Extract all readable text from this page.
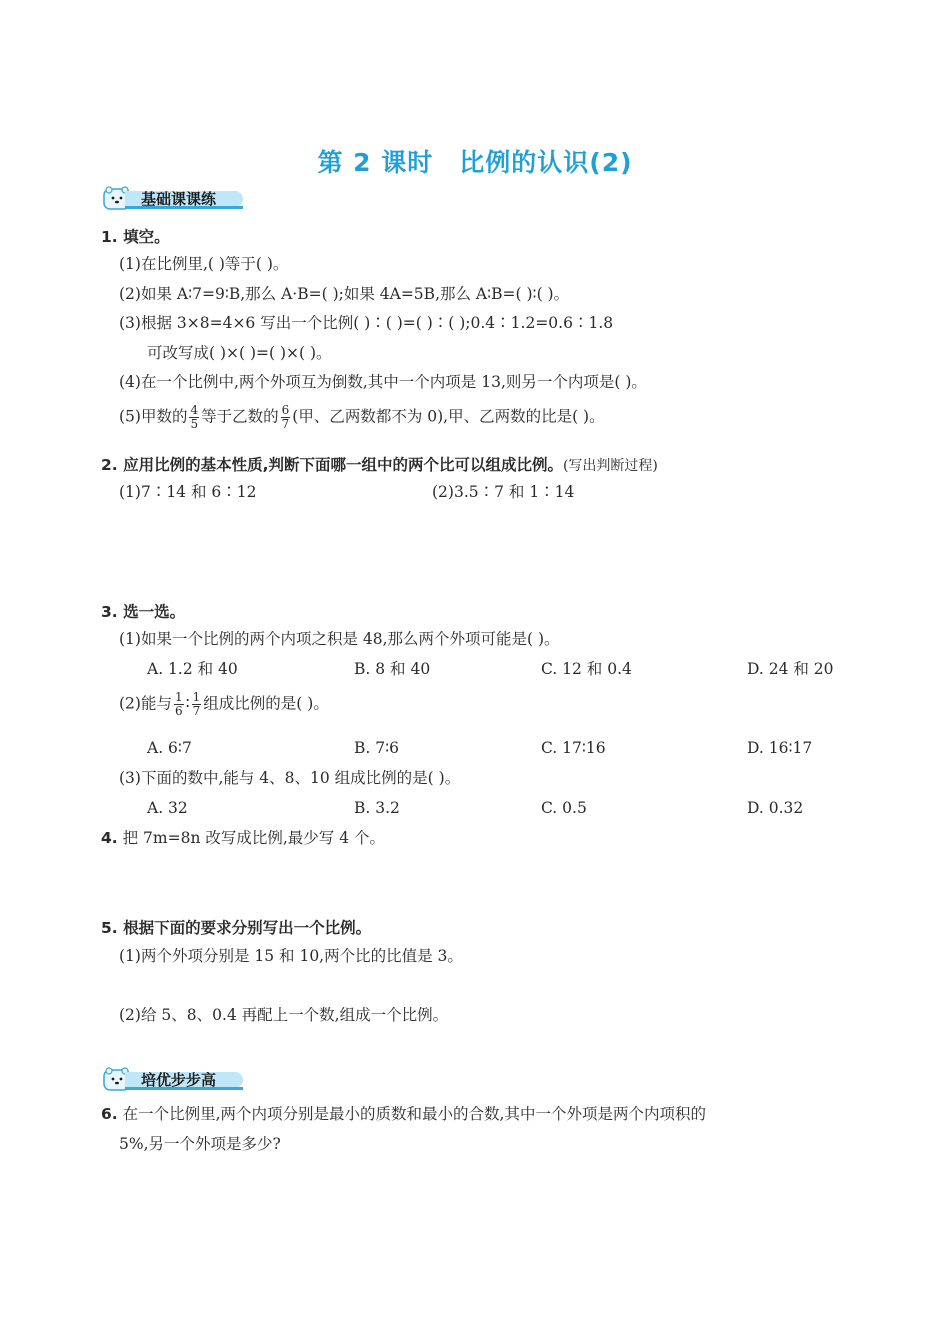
第 2 课时 比例的认识(2)
基础课课练
1. 填空。
(1)在比例里,( )等于( )。
(2)如果 A∶7=9∶B,那么 A·B=( );如果 4A=5B,那么 A∶B=( )∶( )。
(3)根据 3×8=4×6 写出一个比例( )∶( )=( )∶( );0.4∶1.2=0.6∶1.8
可改写成( )×( )=( )×( )。
(4)在一个比例中,两个外项互为倒数,其中一个内项是 13,则另一个内项是( )。
(5)甲数的 $\frac{4}{5}$ 等于乙数的 $\frac{6}{7}$ (甲、乙两数都不为 0),甲、乙两数的比是( )。
2. 应用比例的基本性质,判断下面哪一组中的两个比可以组成比例。(写出判断过程)
(1)7∶14 和 6∶12	(2)3.5∶7 和 1∶14
3. 选一选。
(1)如果一个比例的两个内项之积是 48,那么两个外项可能是( )。
A. 1.2 和 40	B. 8 和 40	C. 12 和 0.4	D. 24 和 20
(2)能与 $\frac{1}{6}$ ∶ $\frac{1}{7}$ 组成比例的是( )。
A. 6∶7	B. 7∶6	C. 17∶16	D. 16∶17
(3)下面的数中,能与 4、8、10 组成比例的是( )。
A. 32	B. 3.2	C. 0.5	D. 0.32
4. 把 7m=8n 改写成比例,最少写 4 个。
5. 根据下面的要求分别写出一个比例。
(1)两个外项分别是 15 和 10,两个比的比值是 3。
(2)给 5、8、0.4 再配上一个数,组成一个比例。
培优步步高
6. 在一个比例里,两个内项分别是最小的质数和最小的合数,其中一个外项是两个内项积的
5%,另一个外项是多少?
